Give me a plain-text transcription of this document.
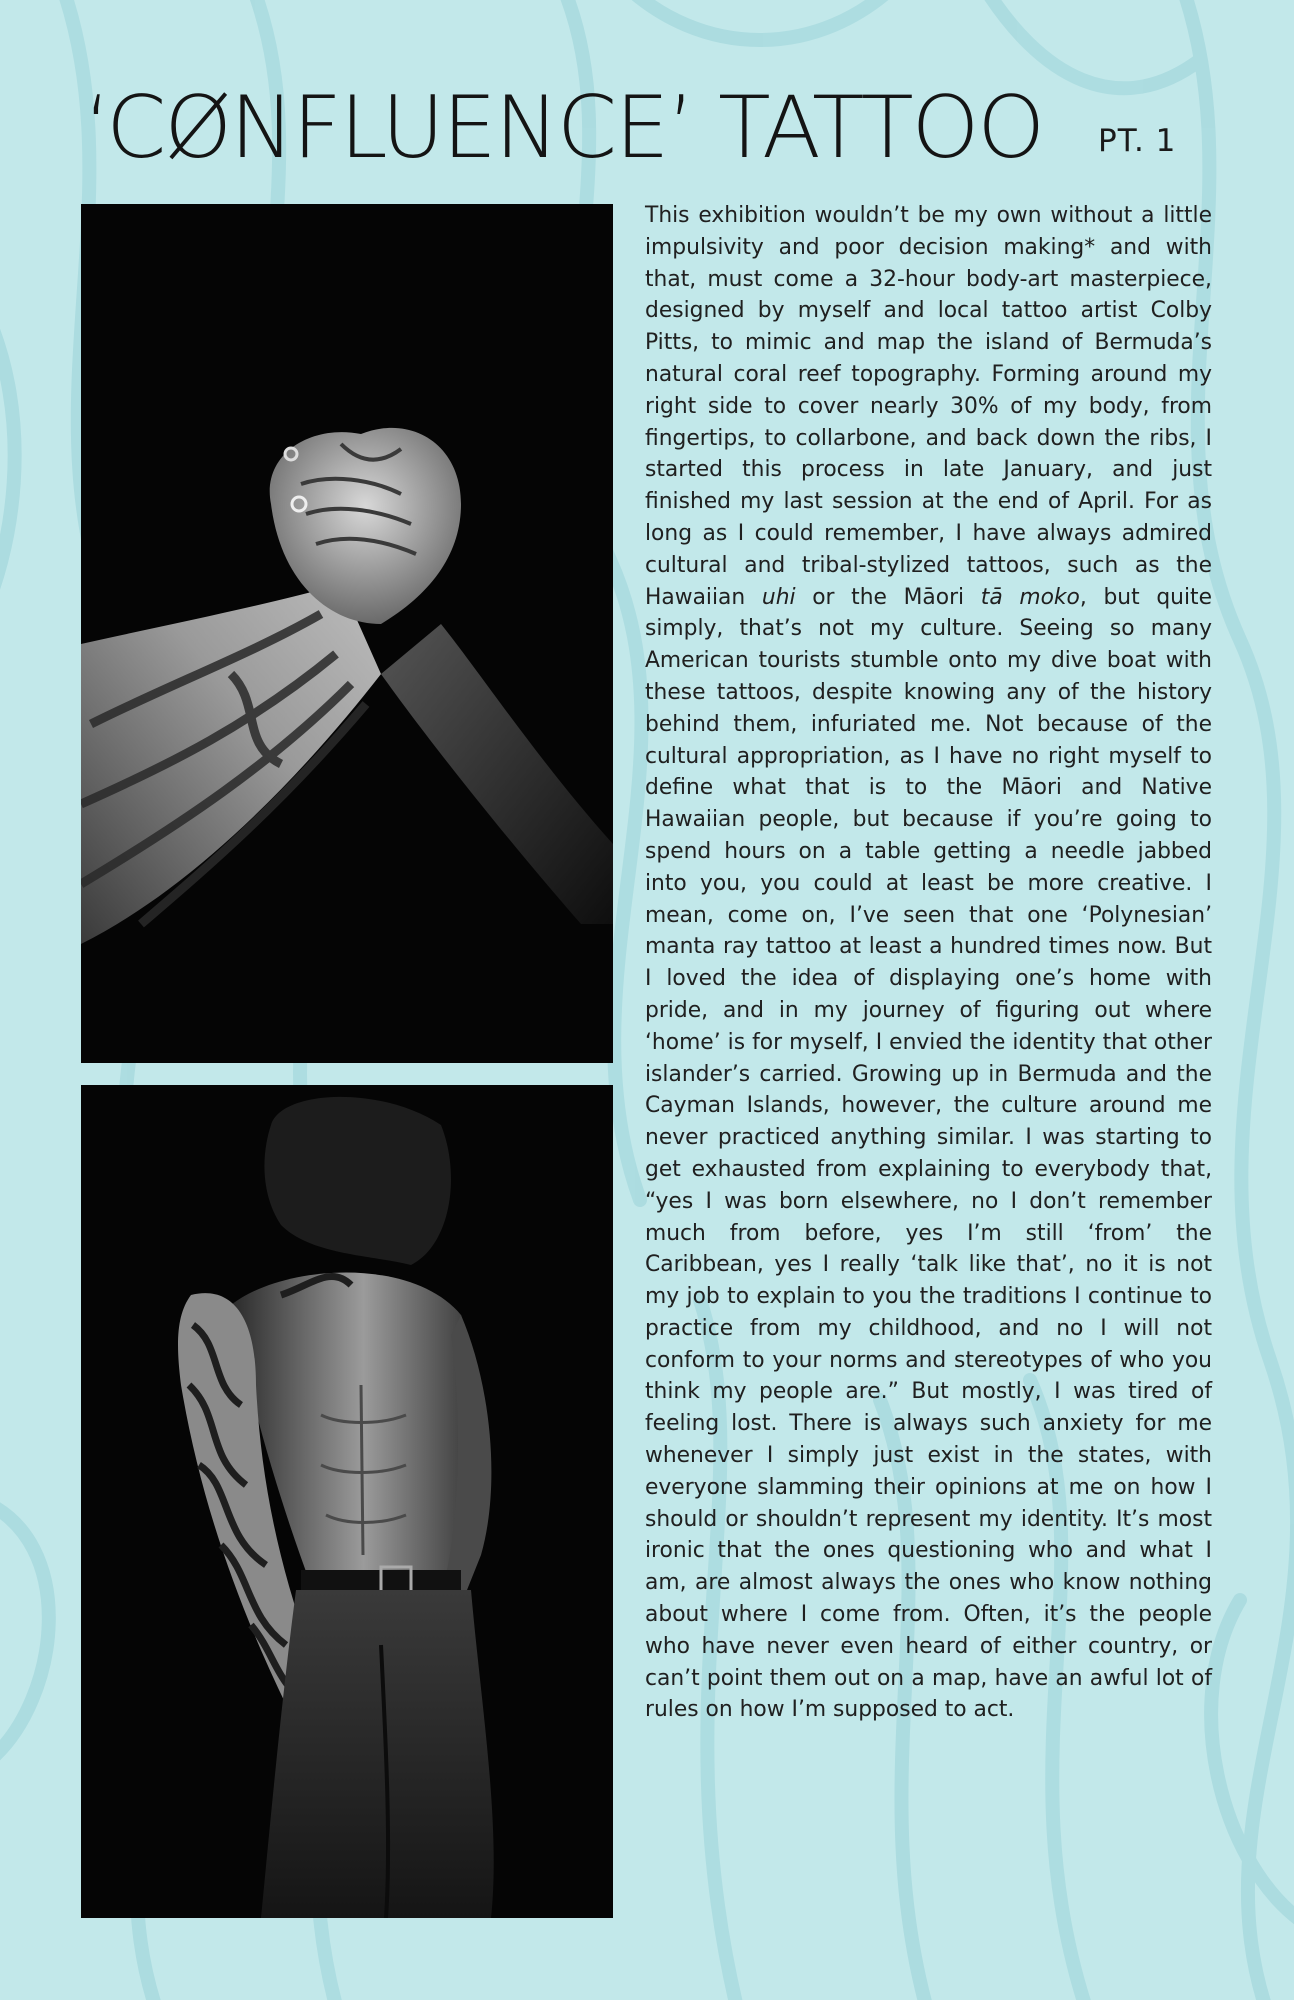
‘CØNFLUENCE’ TATTOO PT. 1

This exhibition wouldn’t be my own without a little impulsivity and poor decision making* and with that, must come a 32-hour body-art masterpiece, designed by myself and local tattoo artist Colby Pitts, to mimic and map the island of Bermuda’s natural coral reef topography. Forming around my right side to cover nearly 30% of my body, from fingertips, to collarbone, and back down the ribs, I started this process in late January, and just finished my last session at the end of April. For as long as I could remember, I have always admired cultural and tribal-stylized tattoos, such as the Hawaiian uhi or the Māori tā moko, but quite simply, that’s not my culture. Seeing so many American tourists stumble onto my dive boat with these tattoos, despite knowing any of the history behind them, infuriated me. Not because of the cultural appropriation, as I have no right myself to define what that is to the Māori and Native Hawaiian people, but because if you’re going to spend hours on a table getting a needle jabbed into you, you could at least be more creative. I mean, come on, I’ve seen that one ‘Polynesian’ manta ray tattoo at least a hundred times now. But I loved the idea of displaying one’s home with pride, and in my journey of figuring out where ‘home’ is for myself, I envied the identity that other islander’s carried. Growing up in Bermuda and the Cayman Islands, however, the culture around me never practiced anything similar. I was starting to get exhausted from explaining to everybody that, “yes I was born elsewhere, no I don’t remember much from before, yes I’m still ‘from’ the Caribbean, yes I really ‘talk like that’, no it is not my job to explain to you the traditions I continue to practice from my childhood, and no I will not conform to your norms and stereotypes of who you think my people are.” But mostly, I was tired of feeling lost. There is always such anxiety for me whenever I simply just exist in the states, with everyone slamming their opinions at me on how I should or shouldn’t represent my identity. It’s most ironic that the ones questioning who and what I am, are almost always the ones who know nothing about where I come from. Often, it’s the people who have never even heard of either country, or can’t point them out on a map, have an awful lot of rules on how I’m supposed to act.
